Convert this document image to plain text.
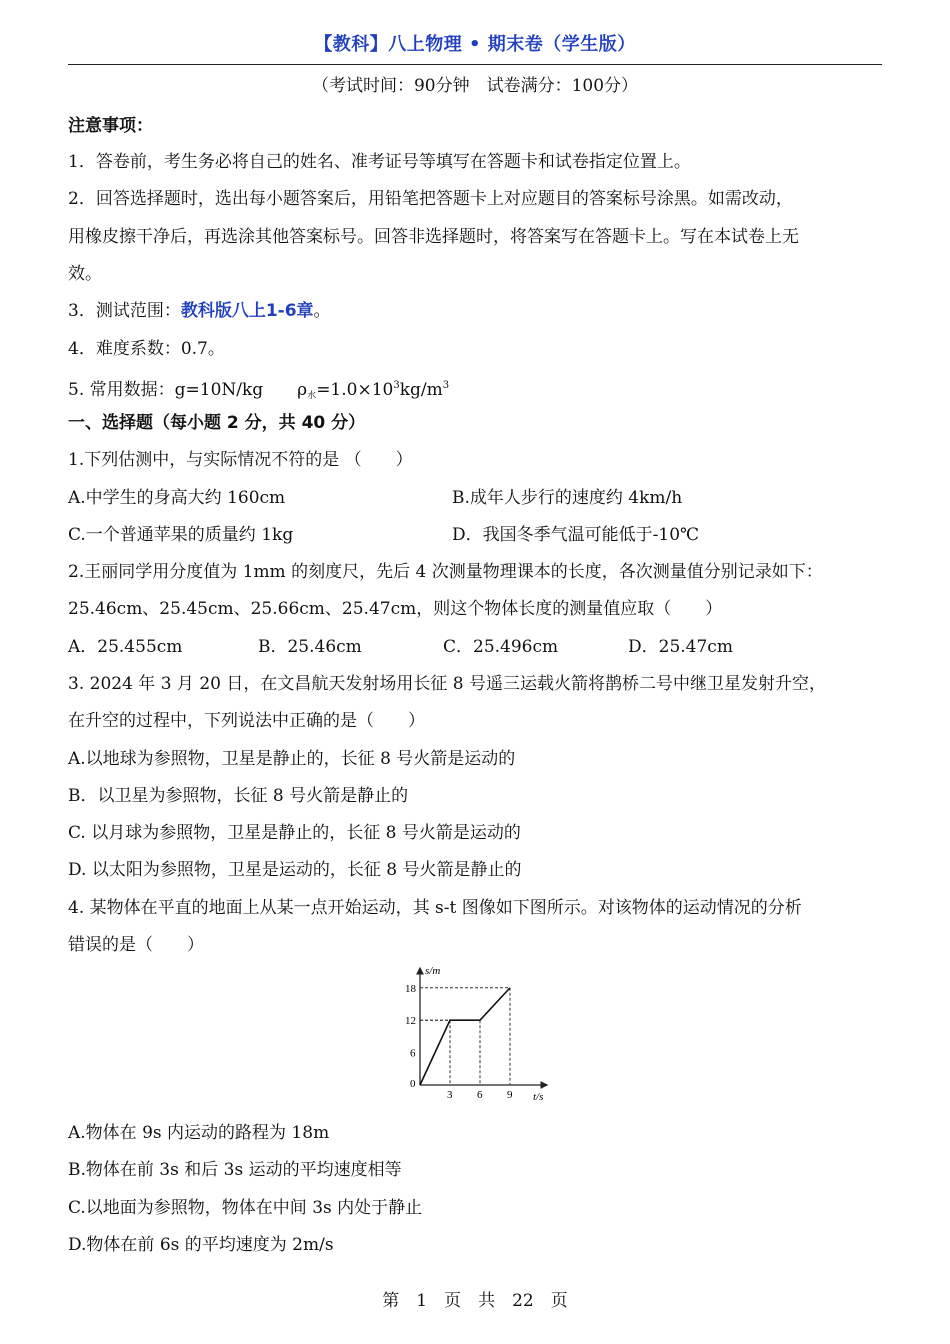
【教科】八上物理 • 期末卷（学生版）
（考试时间：90分钟　试卷满分：100分）
注意事项：
1．答卷前，考生务必将自己的姓名、准考证号等填写在答题卡和试卷指定位置上。
2．回答选择题时，选出每小题答案后，用铅笔把答题卡上对应题目的答案标号涂黑。如需改动，
用橡皮擦干净后，再选涂其他答案标号。回答非选择题时，将答案写在答题卡上。写在本试卷上无
效。
3．测试范围：教科版八上1-6章。
4．难度系数：0.7。
5. 常用数据：g=10N/kg　　$\rho_水=1.0\times 10^3kg/m^3$
一、选择题（每小题 2 分，共 40 分）
1.下列估测中，与实际情况不符的是 （　　）
A.中学生的身高大约 160cm	B.成年人步行的速度约 4km/h
C.一个普通苹果的质量约 1kg	D．我国冬季气温可能低于-10℃
2.王丽同学用分度值为 1mm 的刻度尺，先后 4 次测量物理课本的长度，各次测量值分别记录如下：
25.46cm、25.45cm、25.66cm、25.47cm，则这个物体长度的测量值应取（　　）
A．25.455cm	B．25.46cm	C．25.496cm	D．25.47cm
3. 2024 年 3 月 20 日，在文昌航天发射场用长征 8 号遥三运载火箭将鹊桥二号中继卫星发射升空，
在升空的过程中，下列说法中正确的是（　　）
A.以地球为参照物，卫星是静止的，长征 8 号火箭是运动的
B．以卫星为参照物，长征 8 号火箭是静止的
C. 以月球为参照物，卫星是静止的，长征 8 号火箭是运动的
D. 以太阳为参照物，卫星是运动的，长征 8 号火箭是静止的
4. 某物体在平直的地面上从某一点开始运动，其 s-t 图像如下图所示。对该物体的运动情况的分析
错误的是（　　）
s/m
t/s
0
3 6 9
6
12
18
A.物体在 9s 内运动的路程为 18m
B.物体在前 3s 和后 3s 运动的平均速度相等
C.以地面为参照物，物体在中间 3s 内处于静止
D.物体在前 6s 的平均速度为 2m/s
第　1　页　共　22　页
